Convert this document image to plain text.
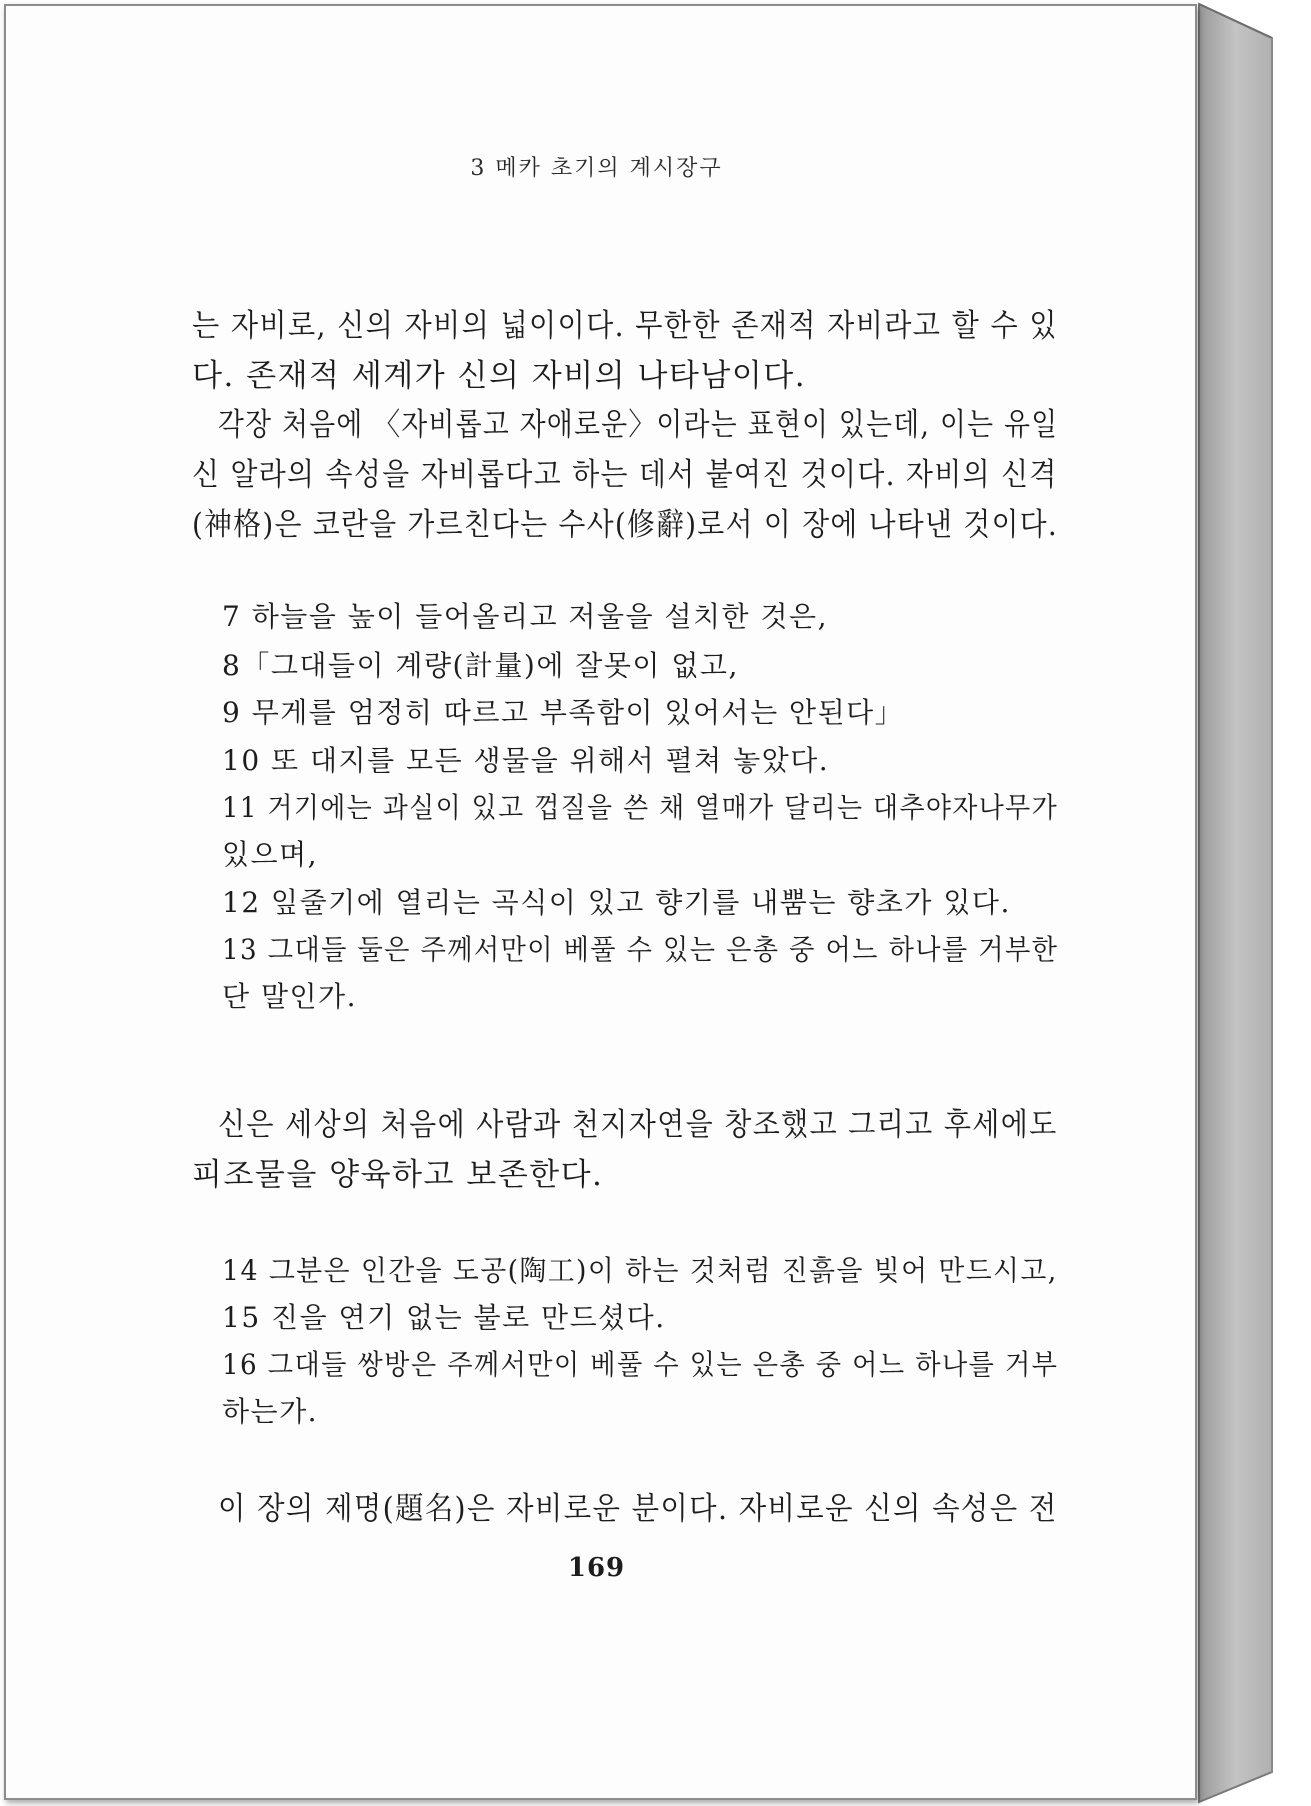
3 메카 초기의 계시장구
는 자비로, 신의 자비의 넓이이다. 무한한 존재적 자비라고 할 수 있
다. 존재적 세계가 신의 자비의 나타남이다.
각장 처음에 〈자비롭고 자애로운〉이라는 표현이 있는데, 이는 유일
신 알라의 속성을 자비롭다고 하는 데서 붙여진 것이다. 자비의 신격
(神格)은 코란을 가르친다는 수사(修辭)로서 이 장에 나타낸 것이다.
7 하늘을 높이 들어올리고 저울을 설치한 것은,
8「그대들이 계량(計量)에 잘못이 없고,
9 무게를 엄정히 따르고 부족함이 있어서는 안된다」
10 또 대지를 모든 생물을 위해서 펼쳐 놓았다.
11 거기에는 과실이 있고 껍질을 쓴 채 열매가 달리는 대추야자나무가
있으며,
12 잎줄기에 열리는 곡식이 있고 향기를 내뿜는 향초가 있다.
13 그대들 둘은 주께서만이 베풀 수 있는 은총 중 어느 하나를 거부한
단 말인가.
신은 세상의 처음에 사람과 천지자연을 창조했고 그리고 후세에도
피조물을 양육하고 보존한다.
14 그분은 인간을 도공(陶工)이 하는 것처럼 진흙을 빚어 만드시고,
15 진을 연기 없는 불로 만드셨다.
16 그대들 쌍방은 주께서만이 베풀 수 있는 은총 중 어느 하나를 거부
하는가.
이 장의 제명(題名)은 자비로운 분이다. 자비로운 신의 속성은 전
169
